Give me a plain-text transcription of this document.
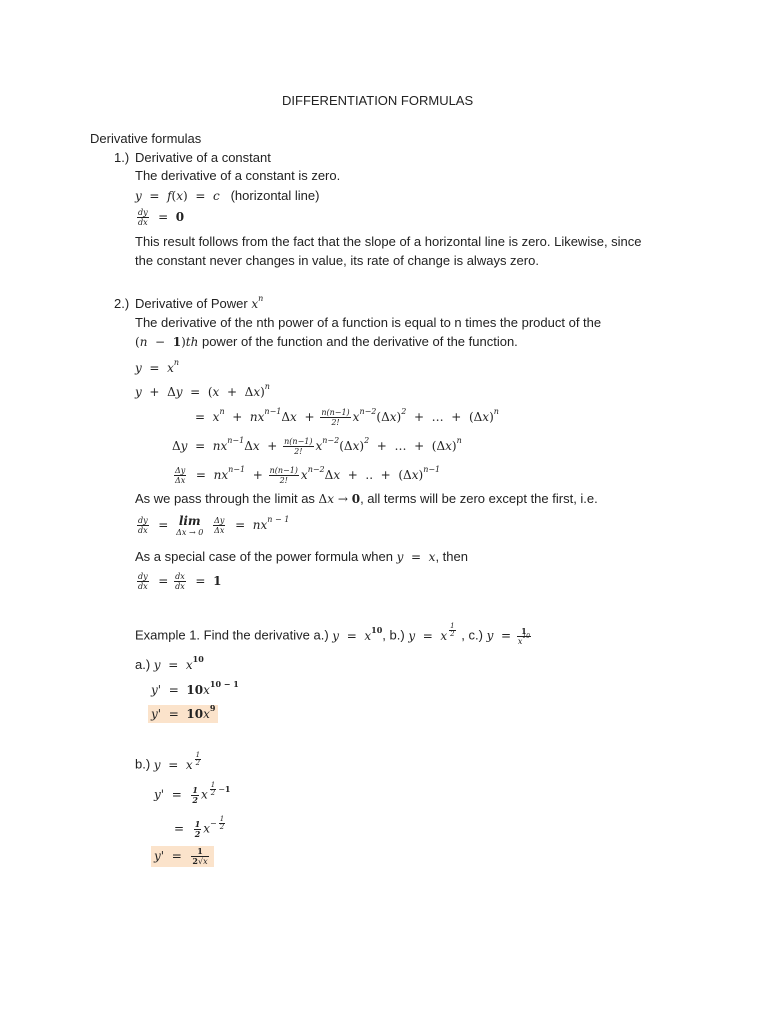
DIFFERENTIATION FORMULAS
Derivative formulas
1.) Derivative of a constant
The derivative of a constant is zero.
y  =  f(x)  =  c (horizontal line)
$\frac{dy}{dx} = 0$
This result follows from the fact that the slope of a horizontal line is zero. Likewise, since
the constant never changes in value, its rate of change is always zero.
2.) Derivative of Power $x^n$
The derivative of the nth power of a function is equal to n times the product of the
(n  −  1)th power of the function and the derivative of the function.
$y = x^n$
$y + \Delta y = (x + \Delta x)^n$
=  $x^n + nx^{n-1}\Delta x + \frac{n(n-1)}{2!} x^{n-2}(\Delta x)^2$  +  …  +  $(\Delta x)^n$
$\Delta y = nx^{n-1}\Delta x + \frac{n(n-1)}{2!} x^{n-2}(\Delta x)^2$  +  …  +  $(\Delta x)^n$
$\frac{\Delta y}{\Delta x} = nx^{n-1} + \frac{n(n-1)}{2!} x^{n-2}\Delta x$  +  ..  +  $(\Delta x)^{n-1}$
As we pass through the limit as Δx → 0, all terms will be zero except the first, i.e.
$\frac{dy}{dx} = \lim$
Δx → 0
$\frac{\Delta y}{\Delta x} = nx^{n - 1}$
As a special case of the power formula when y  =  x, then
$\frac{dy}{dx} = \frac{dx}{dx} = 1$
Example 1. Find the derivative a.) $y = x^{10}$, b.) y  =  x $^{\frac{1}{2}}$ , c.) $y = \frac{1}{x^{10}}$
a.) $y = x^{10}$
$y' = 10x^{10 - 1}$
$y' = 10x^9$
b.) y  =  x $^{\frac{1}{2}}$
$y' = \frac{1}{2}$ x $^{\frac{1}{2} -1}$
= $\frac{1}{2} x^{- \frac{1}{2}}$
$y' = \frac{1}{2√x}$
